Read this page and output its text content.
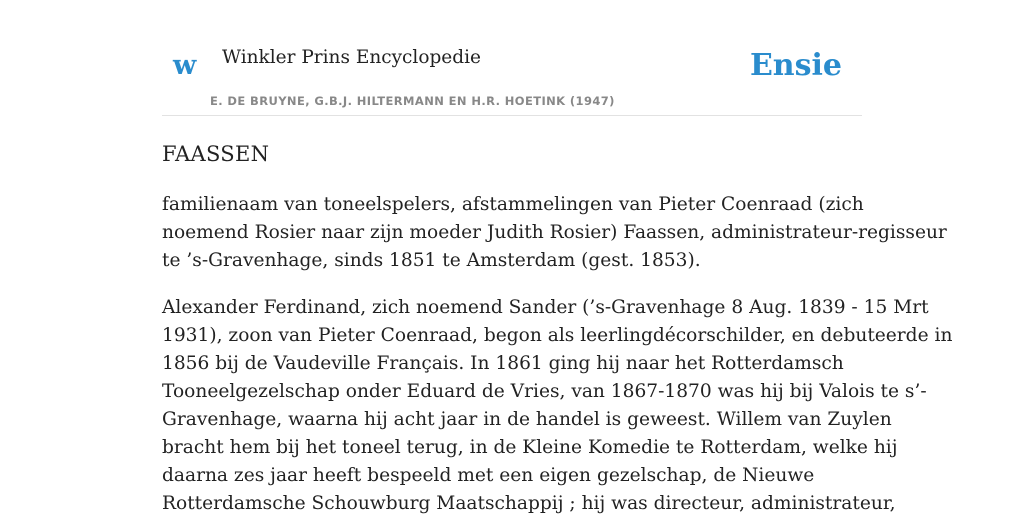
w Winkler Prins Encyclopedie
E. DE BRUYNE, G.B.J. HILTERMANN EN H.R. HOETINK (1947)
Ensie
FAASSEN
familienaam van toneelspelers, afstammelingen van Pieter Coenraad (zich
noemend Rosier naar zijn moeder Judith Rosier) Faassen, administrateur-regisseur
te ’s-Gravenhage, sinds 1851 te Amsterdam (gest. 1853).
Alexander Ferdinand, zich noemend Sander (’s-Gravenhage 8 Aug. 1839 - 15 Mrt
1931), zoon van Pieter Coenraad, begon als leerlingdécorschilder, en debuteerde in
1856 bij de Vaudeville Français. In 1861 ging hij naar het Rotterdamsch
Tooneelgezelschap onder Eduard de Vries, van 1867-1870 was hij bij Valois te s’-
Gravenhage, waarna hij acht jaar in de handel is geweest. Willem van Zuylen
bracht hem bij het toneel terug, in de Kleine Komedie te Rotterdam, welke hij
daarna zes jaar heeft bespeeld met een eigen gezelschap, de Nieuwe
Rotterdamsche Schouwburg Maatschappij ; hij was directeur, administrateur,
